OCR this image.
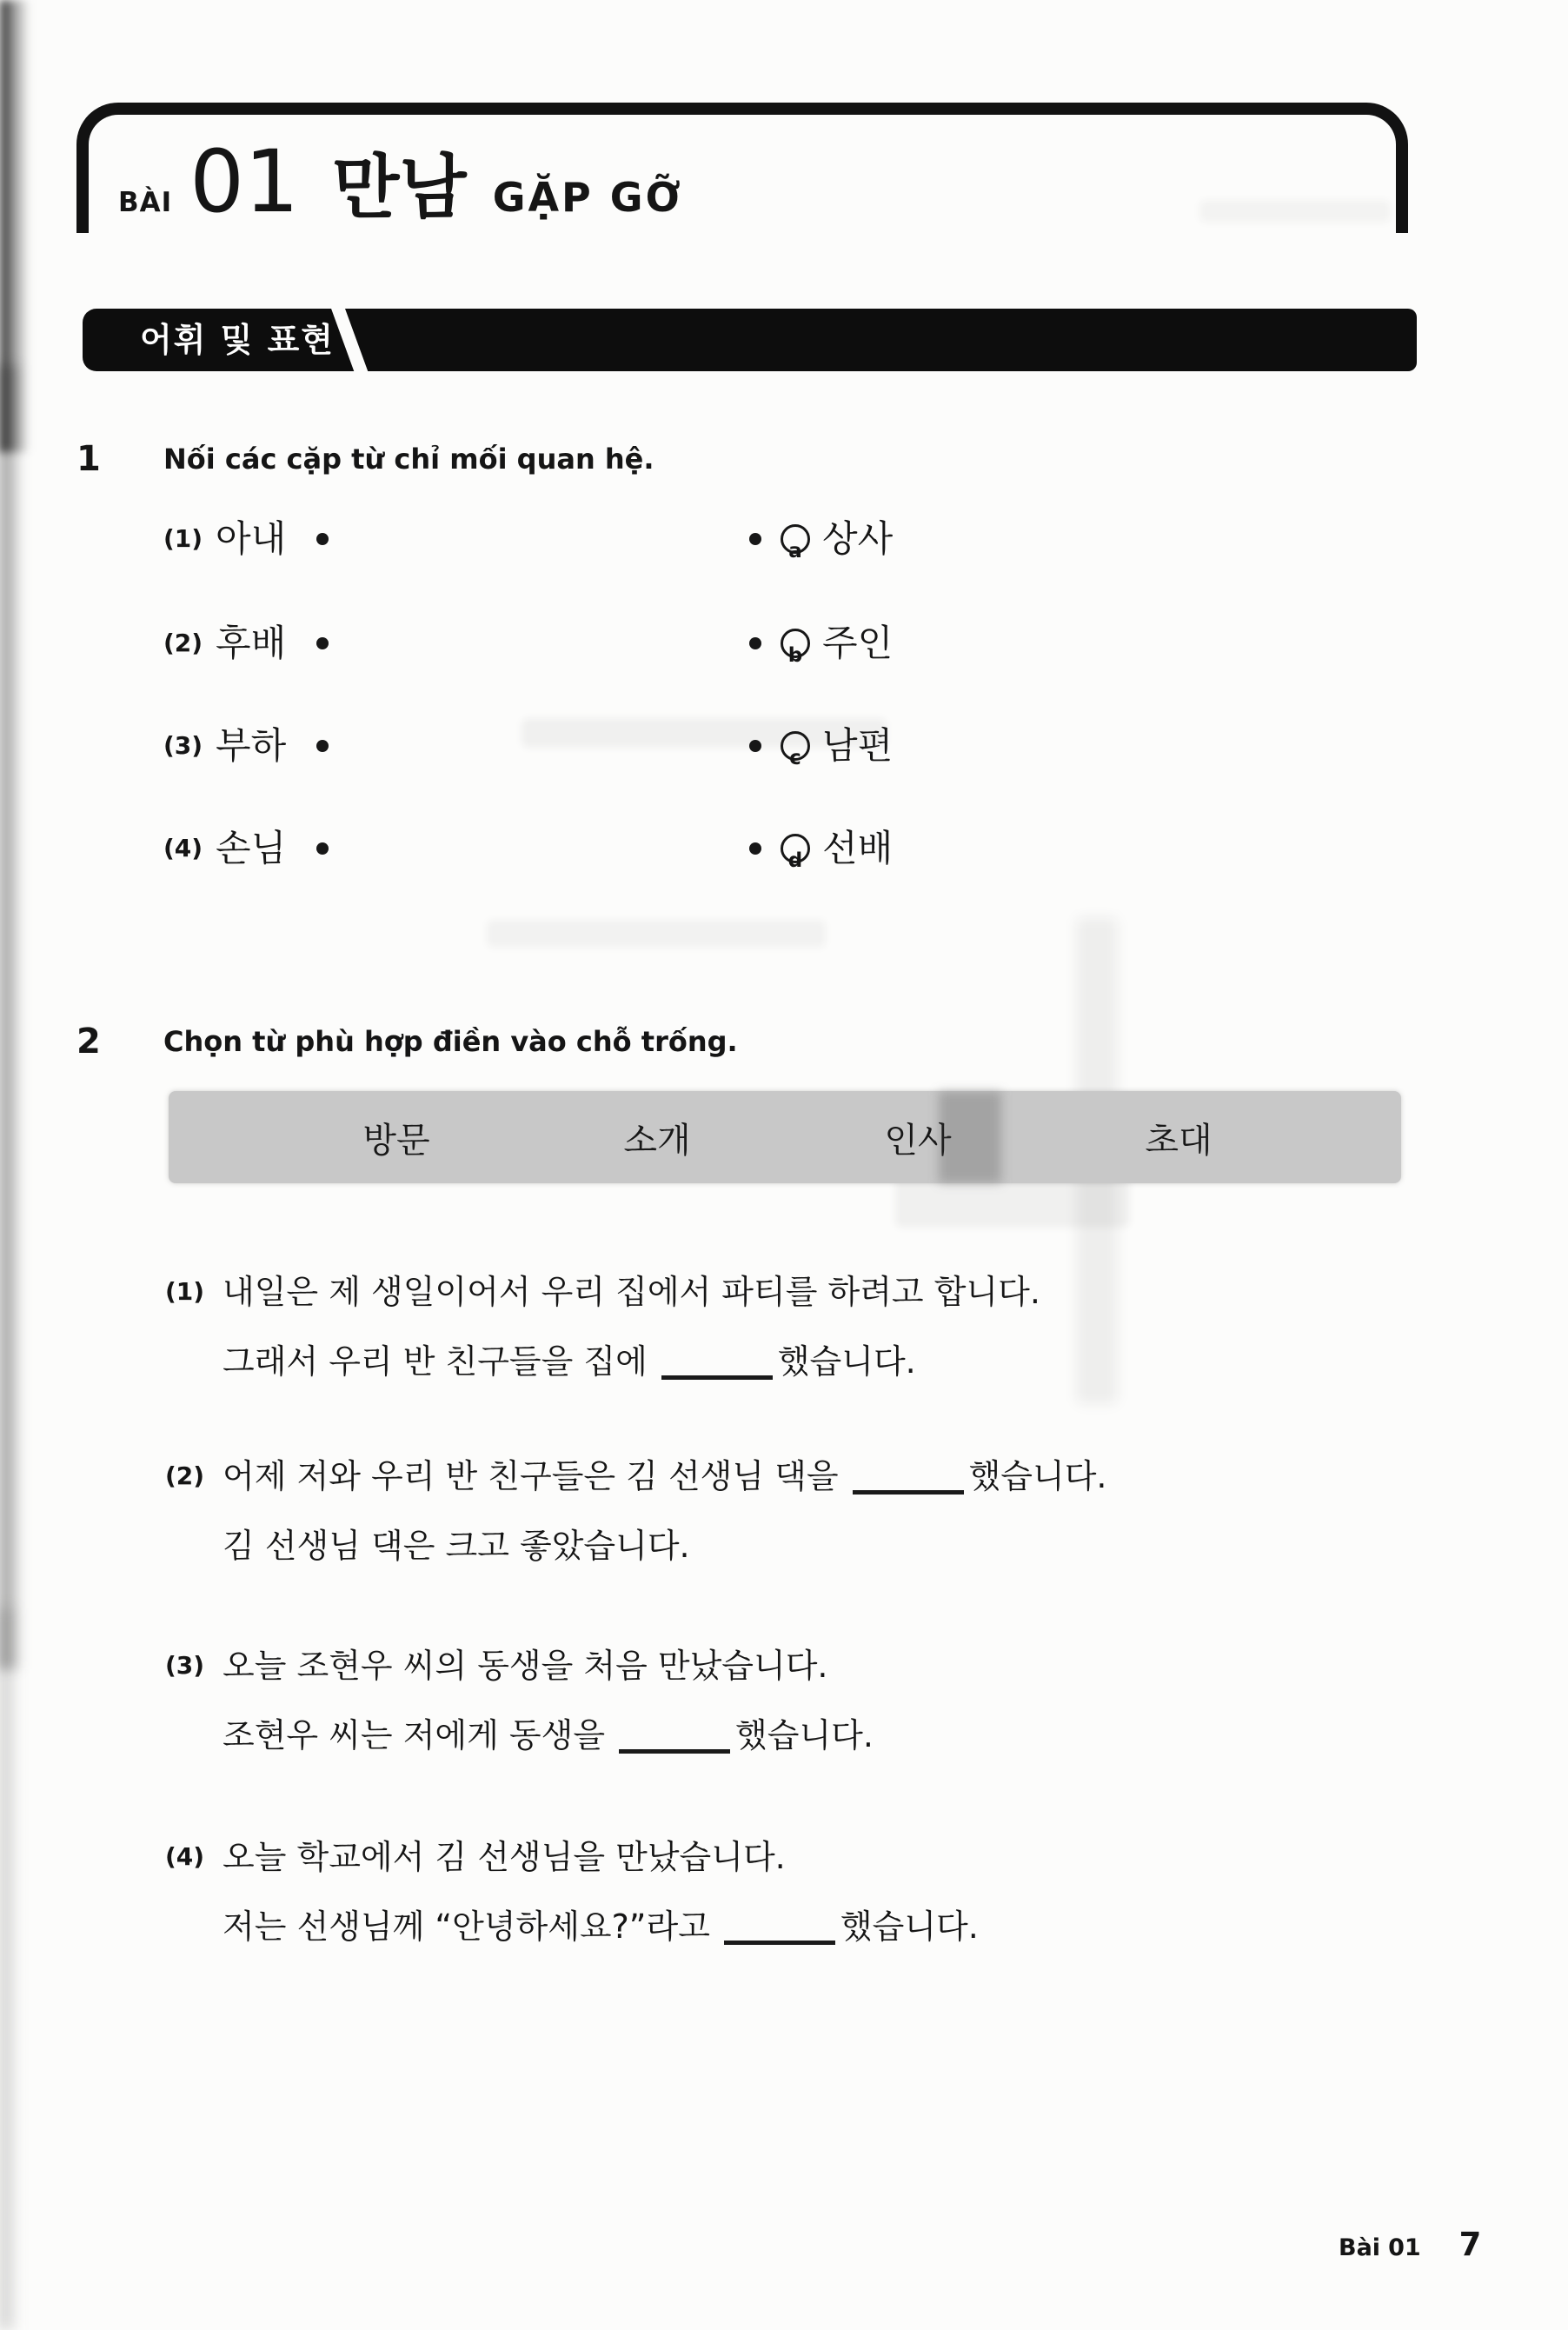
BÀI 01 만남 GẶP GỠ
어휘 및 표현
1 Nối các cặp từ chỉ mối quan hệ.
(1) 아내	a 상사
(2) 후배	b 주인
(3) 부하	c 남편
(4) 손님	d 선배
2 Chọn từ phù hợp điền vào chỗ trống.
방문	소개	인사	초대
(1) 내일은 제 생일이어서 우리 집에서 파티를 하려고 합니다.
그래서 우리 반 친구들을 집에	했습니다.
(2) 어제 저와 우리 반 친구들은 김 선생님 댁을	했습니다.
김 선생님 댁은 크고 좋았습니다.
(3) 오늘 조현우 씨의 동생을 처음 만났습니다.
조현우 씨는 저에게 동생을	했습니다.
(4) 오늘 학교에서 김 선생님을 만났습니다.
저는 선생님께 “안녕하세요?”라고	했습니다.
Bài 01 7
